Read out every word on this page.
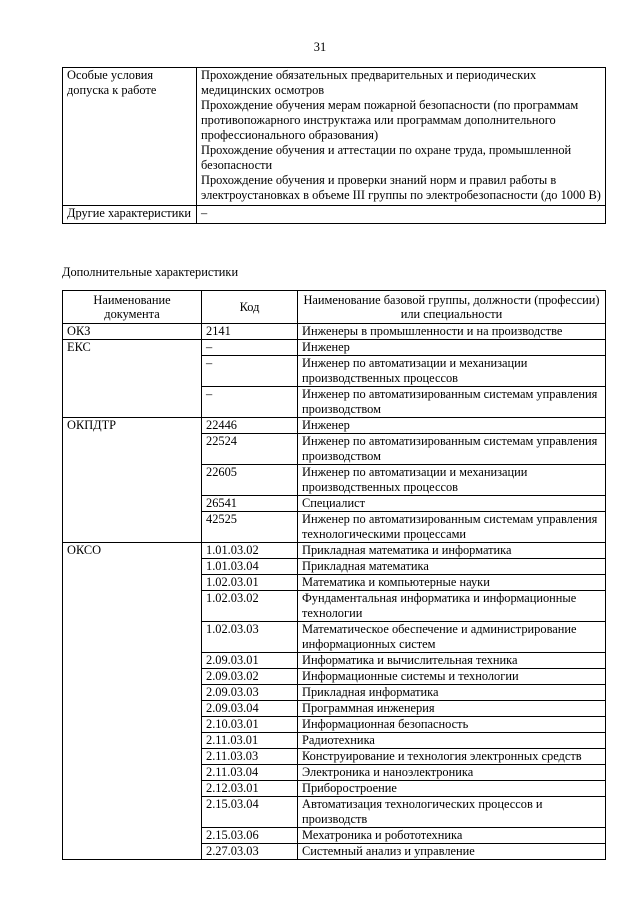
31
Особые условия допуска к работе	Прохождение обязательных предварительных и периодических медицинских осмотров
Прохождение обучения мерам пожарной безопасности (по программам противопожарного инструктажа или программам дополнительного профессионального образования)
Прохождение обучения и аттестации по охране труда, промышленной безопасности
Прохождение обучения и проверки знаний норм и правил работы в электроустановках в объеме III группы по электробезопасности (до 1000 В)

Другие характеристики	–
Дополнительные характеристики
Наименование документа	Код	Наименование базовой группы, должности (профессии) или специальности
ОКЗ	2141	Инженеры в промышленности и на производстве
ЕКС	–	Инженер
	–	Инженер по автоматизации и механизации производственных процессов
	–	Инженер по автоматизированным системам управления производством
ОКПДТР	22446	Инженер
	22524	Инженер по автоматизированным системам управления производством
	22605	Инженер по автоматизации и механизации производственных процессов
	26541	Специалист
	42525	Инженер по автоматизированным системам управления технологическими процессами
ОКСО	1.01.03.02	Прикладная математика и информатика
	1.01.03.04	Прикладная математика
	1.02.03.01	Математика и компьютерные науки
	1.02.03.02	Фундаментальная информатика и информационные технологии
	1.02.03.03	Математическое обеспечение и администрирование информационных систем
	2.09.03.01	Информатика и вычислительная техника
	2.09.03.02	Информационные системы и технологии
	2.09.03.03	Прикладная информатика
	2.09.03.04	Программная инженерия
	2.10.03.01	Информационная безопасность
	2.11.03.01	Радиотехника
	2.11.03.03	Конструирование и технология электронных средств
	2.11.03.04	Электроника и наноэлектроника
	2.12.03.01	Приборостроение
	2.15.03.04	Автоматизация технологических процессов и производств
	2.15.03.06	Мехатроника и робототехника
	2.27.03.03	Системный анализ и управление
